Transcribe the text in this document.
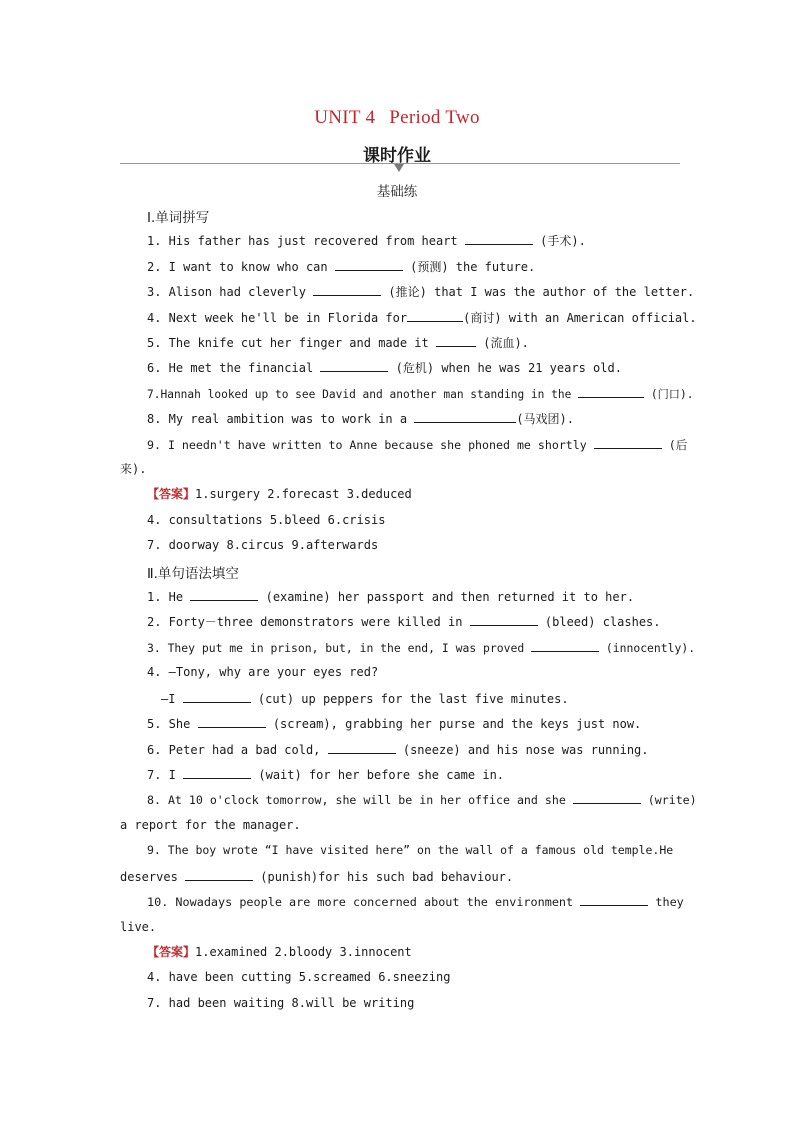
UNIT 4 Period Two
课时作业
基础练
Ⅰ.单词拼写
1. His father has just recovered from heart	(手术).
2. I want to know who can	(预测) the future.
3. Alison had cleverly	(推论) that I was the author of the letter.
4. Next week he'll be in Florida for	(商讨) with an American official.
5. The knife cut her finger and made it	(流血).
6. He met the financial	(危机) when he was 21 years old.
7.Hannah looked up to see David and another man standing in the	(门口).
8. My real ambition was to work in a	(马戏团).
9. I needn't have written to Anne because she phoned me shortly	(后
来).
【答案】1.surgery 2.forecast 3.deduced
4. consultations 5.bleed 6.crisis
7. doorway 8.circus 9.afterwards
Ⅱ.单句语法填空
1. He	(examine) her passport and then returned it to her.
2. Forty－three demonstrators were killed in	(bleed) clashes.
3. They put me in prison, but, in the end, I was proved	(innocently).
4. —Tony, why are your eyes red?
—I	(cut) up peppers for the last five minutes.
5. She	(scream), grabbing her purse and the keys just now.
6. Peter had a bad cold,	(sneeze) and his nose was running.
7. I	(wait) for her before she came in.
8. At 10 o'clock tomorrow, she will be in her office and she	(write)
a report for the manager.
9. The boy wrote “I have visited here” on the wall of a famous old temple.He
deserves	(punish)for his such bad behaviour.
10. Nowadays people are more concerned about the environment	they
live.
【答案】1.examined 2.bloody 3.innocent
4. have been cutting 5.screamed 6.sneezing
7. had been waiting 8.will be writing
